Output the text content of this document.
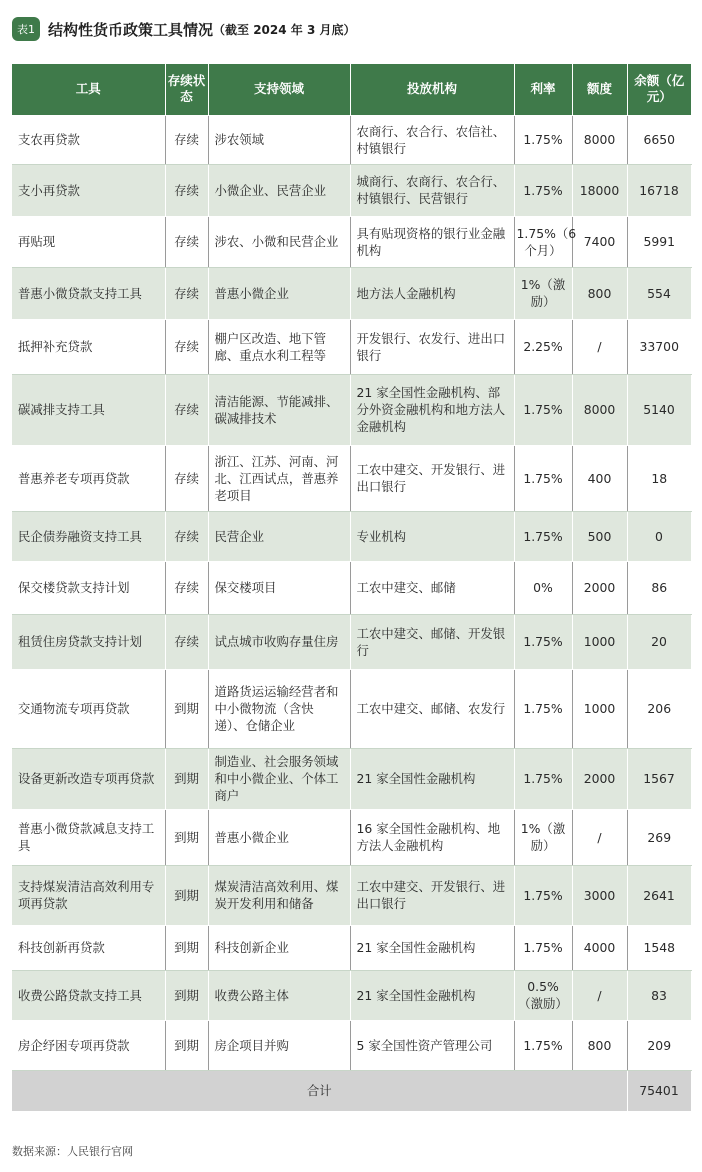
表1 结构性货币政策工具情况 （截至 2024 年 3 月底）
工具	存续状态	支持领域	投放机构	利率	额度	余额（亿元）
支农再贷款	存续	涉农领域	农商行、农合行、农信社、村镇银行	1.75%	8000	6650
支小再贷款	存续	小微企业、民营企业	城商行、农商行、农合行、村镇银行、民营银行	1.75%	18000	16718
再贴现	存续	涉农、小微和民营企业	具有贴现资格的银行业金融机构	1.75%（6个月）	7400	5991
普惠小微贷款支持工具	存续	普惠小微企业	地方法人金融机构	1%（激励）	800	554
抵押补充贷款	存续	棚户区改造、地下管廊、重点水利工程等	开发银行、农发行、进出口银行	2.25%	/	33700
碳减排支持工具	存续	清洁能源、节能减排、碳减排技术	21 家全国性金融机构、部分外资金融机构和地方法人金融机构	1.75%	8000	5140
普惠养老专项再贷款	存续	浙江、江苏、河南、河北、江西试点，普惠养老项目	工农中建交、开发银行、进出口银行	1.75%	400	18
民企债券融资支持工具	存续	民营企业	专业机构	1.75%	500	0
保交楼贷款支持计划	存续	保交楼项目	工农中建交、邮储	0%	2000	86
租赁住房贷款支持计划	存续	试点城市收购存量住房	工农中建交、邮储、开发银行	1.75%	1000	20
交通物流专项再贷款	到期	道路货运运输经营者和中小微物流（含快递）、仓储企业	工农中建交、邮储、农发行	1.75%	1000	206
设备更新改造专项再贷款	到期	制造业、社会服务领域和中小微企业、个体工商户	21 家全国性金融机构	1.75%	2000	1567
普惠小微贷款减息支持工具	到期	普惠小微企业	16 家全国性金融机构、地方法人金融机构	1%（激励）	/	269
支持煤炭清洁高效利用专项再贷款	到期	煤炭清洁高效利用、煤炭开发利用和储备	工农中建交、开发银行、进出口银行	1.75%	3000	2641
科技创新再贷款	到期	科技创新企业	21 家全国性金融机构	1.75%	4000	1548
收费公路贷款支持工具	到期	收费公路主体	21 家全国性金融机构	0.5%（激励）	/	83
房企纾困专项再贷款	到期	房企项目并购	5 家全国性资产管理公司	1.75%	800	209
合计						75401
数据来源：人民银行官网
